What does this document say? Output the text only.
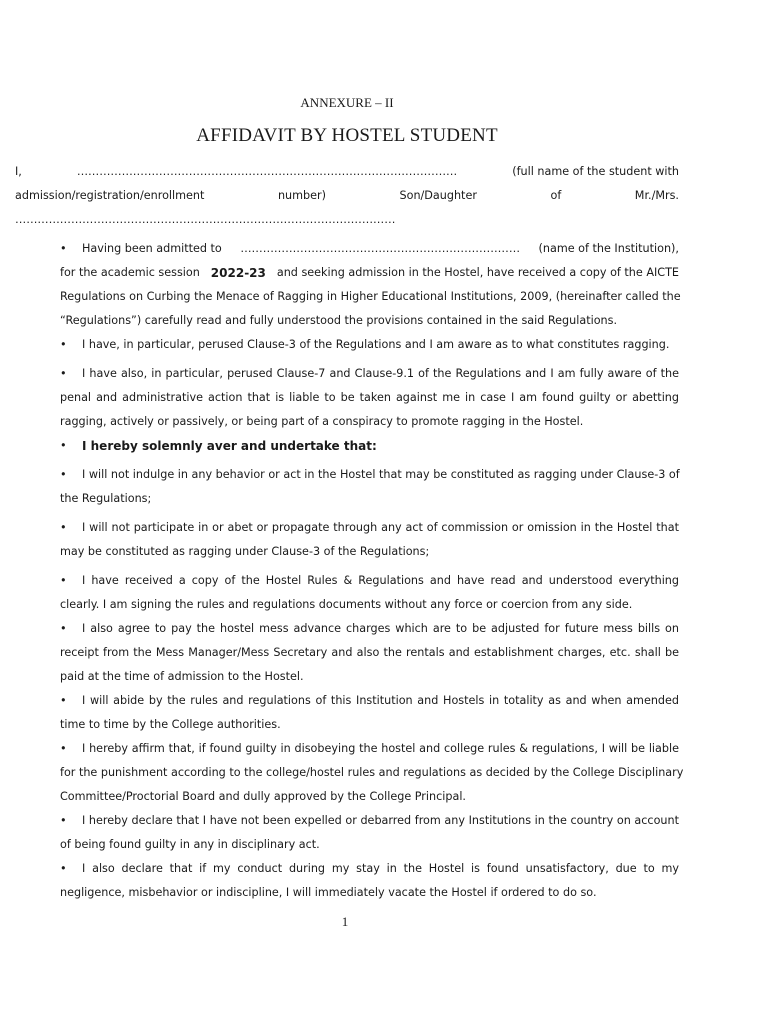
ANNEXURE – II
AFFIDAVIT BY HOSTEL STUDENT
I,	…………………………………………………………………………………………	(full name of the student with
admission/registration/enrollment	number)	Son/Daughter	of	Mr./Mrs.
…………………………………………………………………………………………
• Having been admitted to ………………………………………………………………… (name of the Institution),
for the academic session 2022-23 and seeking admission in the Hostel, have received a copy of the AICTE
Regulations on Curbing the Menace of Ragging in Higher Educational Institutions, 2009, (hereinafter called the
“Regulations”) carefully read and fully understood the provisions contained in the said Regulations.
• I have, in particular, perused Clause-3 of the Regulations and I am aware as to what constitutes ragging.
• I have also, in particular, perused Clause-7 and Clause-9.1 of the Regulations and I am fully aware of the
penal and administrative action that is liable to be taken against me in case I am found guilty or abetting
ragging, actively or passively, or being part of a conspiracy to promote ragging in the Hostel.
• I hereby solemnly aver and undertake that:
• I will not indulge in any behavior or act in the Hostel that may be constituted as ragging under Clause-3 of
the Regulations;
• I will not participate in or abet or propagate through any act of commission or omission in the Hostel that
may be constituted as ragging under Clause-3 of the Regulations;
• I have received a copy of the Hostel Rules & Regulations and have read and understood everything
clearly. I am signing the rules and regulations documents without any force or coercion from any side.
• I also agree to pay the hostel mess advance charges which are to be adjusted for future mess bills on
receipt from the Mess Manager/Mess Secretary and also the rentals and establishment charges, etc. shall be
paid at the time of admission to the Hostel.
• I will abide by the rules and regulations of this Institution and Hostels in totality as and when amended
time to time by the College authorities.
• I hereby affirm that, if found guilty in disobeying the hostel and college rules & regulations, I will be liable
for the punishment according to the college/hostel rules and regulations as decided by the College Disciplinary
Committee/Proctorial Board and dully approved by the College Principal.
• I hereby declare that I have not been expelled or debarred from any Institutions in the country on account
of being found guilty in any in disciplinary act.
• I also declare that if my conduct during my stay in the Hostel is found unsatisfactory, due to my
negligence, misbehavior or indiscipline, I will immediately vacate the Hostel if ordered to do so.
1
